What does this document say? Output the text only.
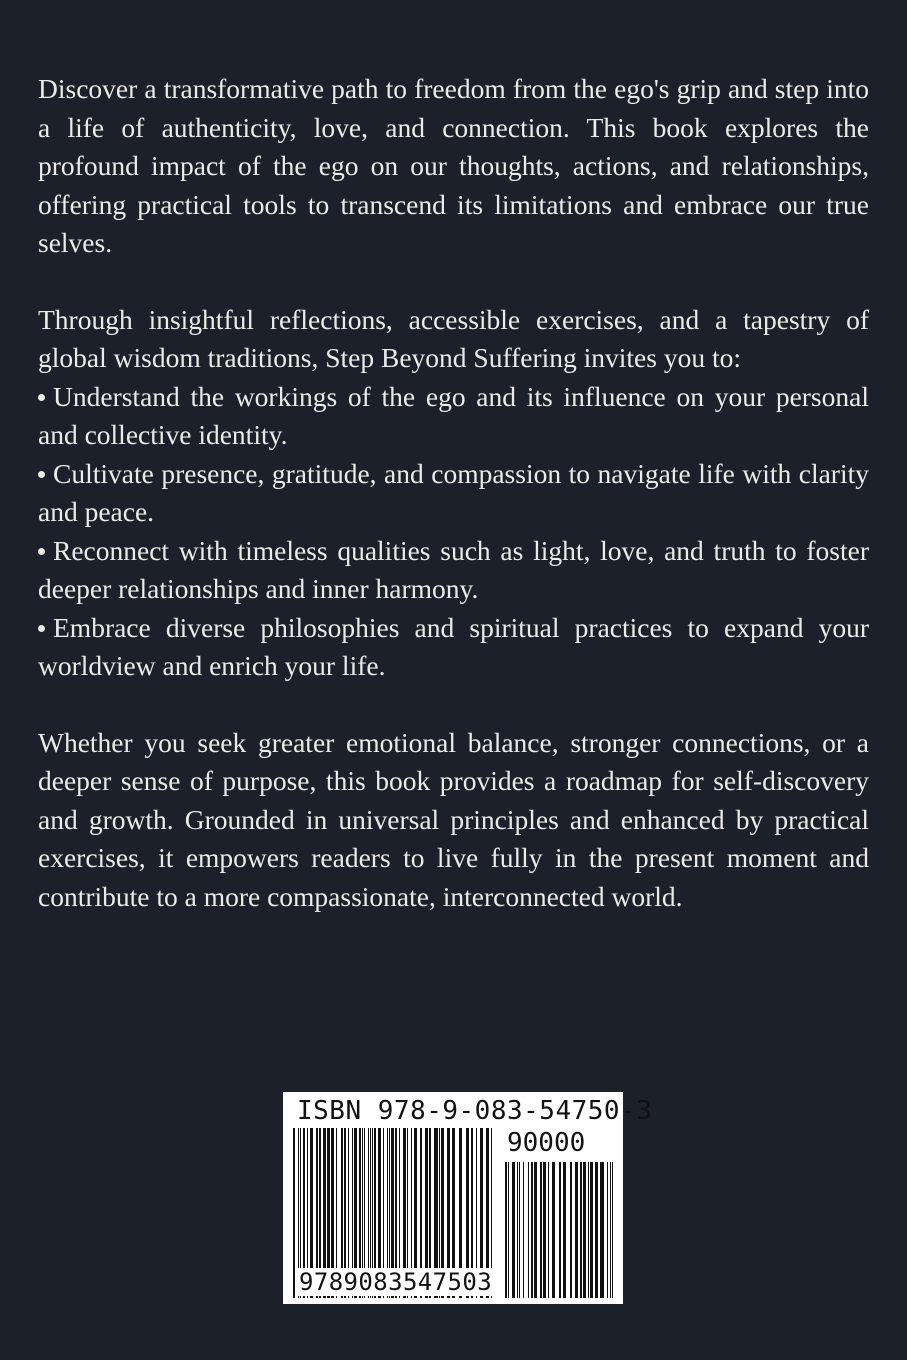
Discover a transformative path to freedom from the ego's grip and step into a life of authenticity, love, and connection. This book explores the profound impact of the ego on our thoughts, actions, and relationships, offering practical tools to transcend its limitations and embrace our true selves.

Through insightful reflections, accessible exercises, and a tapestry of global wisdom traditions, Step Beyond Suffering invites you to:

Understand the workings of the ego and its influence on your personal and collective identity.

Cultivate presence, gratitude, and compassion to navigate life with clarity and peace.

Reconnect with timeless qualities such as light, love, and truth to foster deeper relationships and inner harmony.

Embrace diverse philosophies and spiritual practices to expand your worldview and enrich your life.

Whether you seek greater emotional balance, stronger connections, or a deeper sense of purpose, this book provides a roadmap for self-discovery and growth. Grounded in universal principles and enhanced by practical exercises, it empowers readers to live fully in the present moment and contribute to a more compassionate, interconnected world.

ISBN 978-9-083-54750-3
90000
9789083547503
